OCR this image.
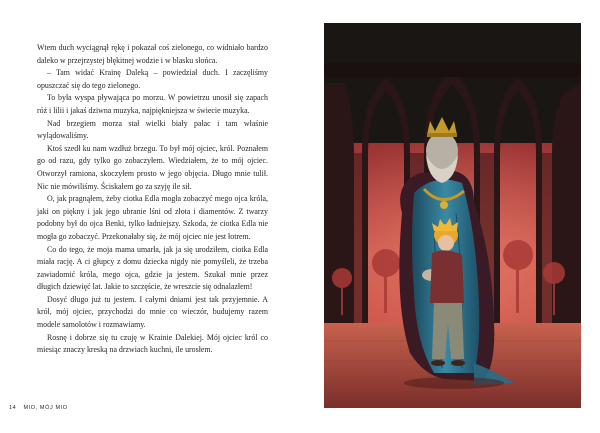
Wtem duch wyciągnął rękę i pokazał coś zielonego, co widniało bardzo daleko w przejrzystej błękitnej wodzie i w blasku słońca.

– Tam widać Krainę Daleką – powiedział duch. I zaczęliśmy opuszczać się do tego zielonego.

To była wyspa pływająca po morzu. W powietrzu unosił się zapach róż i lilii i jakaś dziwna muzyka, najpiękniejsza w świecie muzyka.

Nad brzegiem morza stał wielki biały pałac i tam właśnie wylądowaliśmy.

Ktoś szedł ku nam wzdłuż brzegu. To był mój ojciec, król. Poznałem go od razu, gdy tylko go zobaczyłem. Wiedziałem, że to mój ojciec. Otworzył ramiona, skoczyłem prosto w jego objęcia. Długo mnie tulił. Nic nie mówiliśmy. Ściskałem go za szyję ile sił.

O, jak pragnąłem, żeby ciotka Edla mogła zobaczyć mego ojca króla, jaki on piękny i jak jego ubranie lśni od złota i diamentów. Z twarzy podobny był do ojca Benki, tylko ładniejszy. Szkoda, że ciotka Edla nie mogła go zobaczyć. Przekonałaby się, że mój ojciec nie jest łotrem.

Co do tego, że moja mama umarła, jak ja się urodziłem, ciotka Edla miała rację. A ci głupcy z domu dziecka nigdy nie pomyśleli, że trzeba zawiadomić króla, mego ojca, gdzie ja jestem. Szukał mnie przez długich dziewięć lat. Jakie to szczęście, że wreszcie się odnalazłem!

Dosyć długo już tu jestem. I całymi dniami jest tak przyjemnie. A król, mój ojciec, przychodzi do mnie co wieczór, budujemy razem modele samolotów i rozmawiamy.

Rosnę i dobrze się tu czuję w Krainie Dalekiej. Mój ojciec król co miesiąc znaczy kreską na drzwiach kuchni, ile urosłem.

14 MIO, MÓJ MIO
